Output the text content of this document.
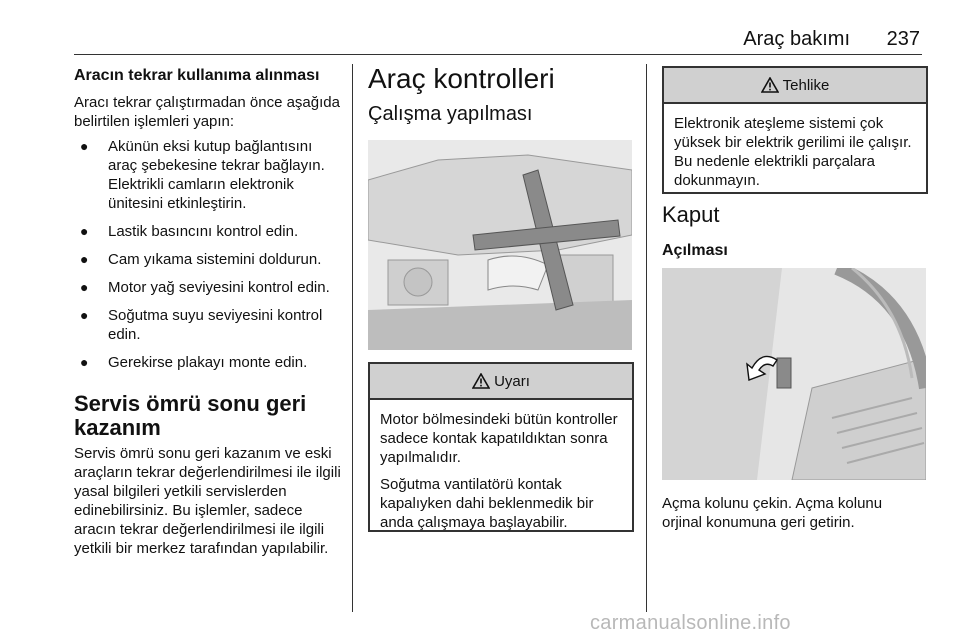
Araç bakımı 237
Aracın tekrar kullanıma alınması

Aracı tekrar çalıştırmadan önce aşağıda belirtilen işlemleri yapın:

● Akünün eksi kutup bağlantısını araç şebekesine tekrar bağlayın. Elektrikli camların elektronik ünitesini etkinleştirin.
● Lastik basıncını kontrol edin.
● Cam yıkama sistemini doldurun.
● Motor yağ seviyesini kontrol edin.
● Soğutma suyu seviyesini kontrol edin.
● Gerekirse plakayı monte edin.
Servis ömrü sonu geri kazanım

Servis ömrü sonu geri kazanım ve eski araçların tekrar değerlendirilmesi ile ilgili yasal bilgileri yetkili servislerden edinebilirsiniz. Bu işlemler, sadece aracın tekrar değerlendirilmesi ile ilgili yetkili bir merkez tarafından yapılabilir.

Araç kontrolleri
Çalışma yapılması
Uyarı

Motor bölmesindeki bütün kontroller sadece kontak kapatıldıktan sonra yapılmalıdır.

Soğutma vantilatörü kontak kapalıyken dahi beklenmedik bir anda çalışmaya başlayabilir.

Tehlike

Elektronik ateşleme sistemi çok yüksek bir elektrik gerilimi ile çalışır. Bu nedenle elektrikli parçalara dokunmayın.

Kaput
Açılması

Açma kolunu çekin. Açma kolunu orjinal konumuna geri getirin.

carmanualsonline.info
